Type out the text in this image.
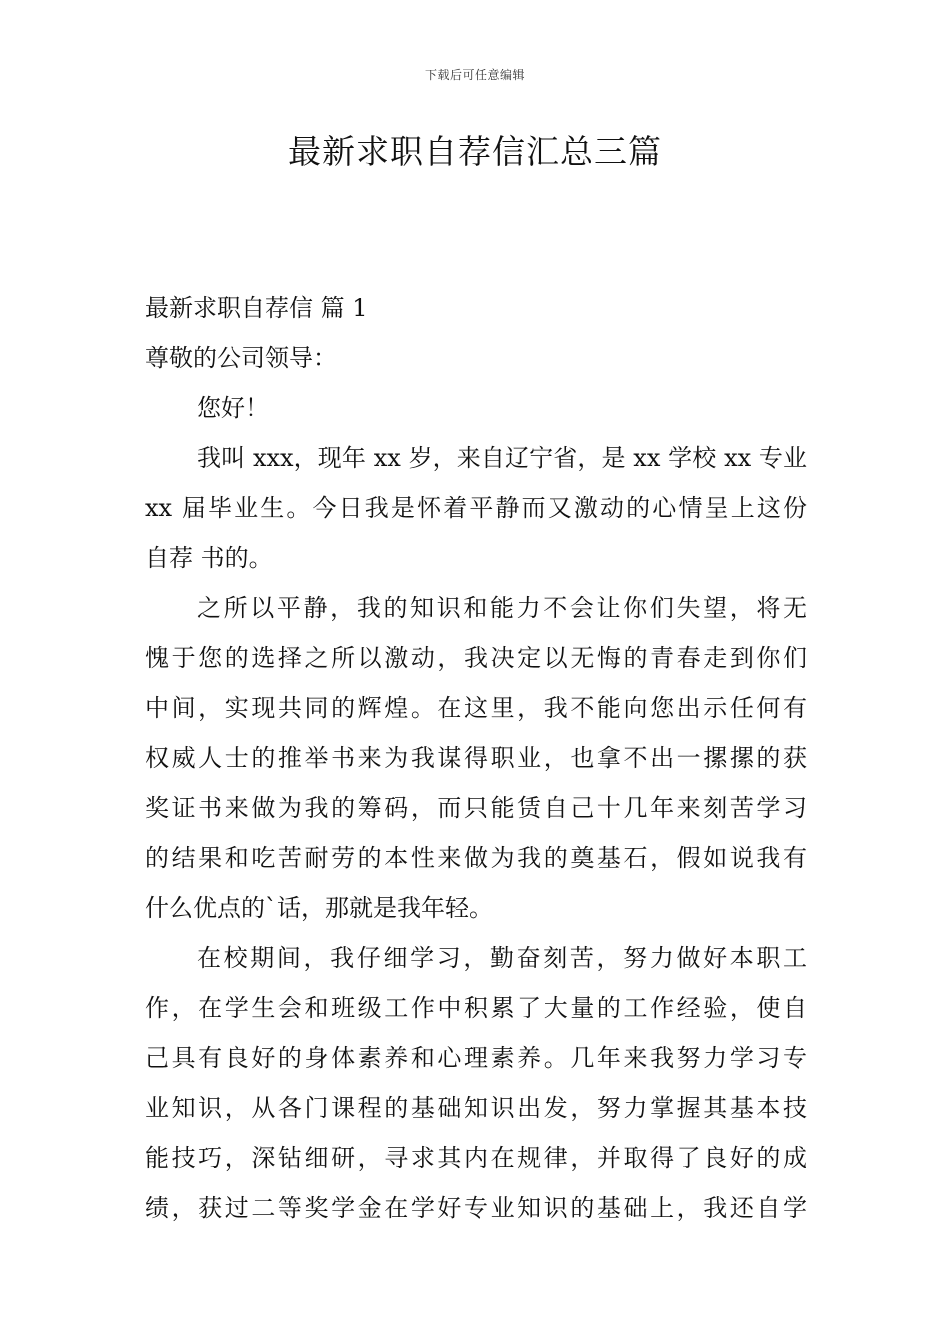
下载后可任意编辑
最新求职自荐信汇总三篇

最新求职自荐信 篇 1

尊敬的公司领导：

您好！

我叫 xxx，现年 xx 岁，来自辽宁省，是 xx 学校 xx 专业

xx 届毕业生。今日我是怀着平静而又激动的心情呈上这份

自荐 书的。

之所以平静，我的知识和能力不会让你们失望，将无

愧于您的选择之所以激动，我决定以无悔的青春走到你们

中间，实现共同的辉煌。在这里，我不能向您出示任何有

权威人士的推举书来为我谋得职业，也拿不出一摞摞的获

奖证书来做为我的筹码，而只能赁自己十几年来刻苦学习

的结果和吃苦耐劳的本性来做为我的奠基石，假如说我有

什么优点的`话，那就是我年轻。

在校期间，我仔细学习，勤奋刻苦，努力做好本职工

作，在学生会和班级工作中积累了大量的工作经验，使自

己具有良好的身体素养和心理素养。几年来我努力学习专

业知识，从各门课程的基础知识出发，努力掌握其基本技

能技巧，深钻细研，寻求其内在规律，并取得了良好的成

绩，获过二等奖学金在学好专业知识的基础上，我还自学
